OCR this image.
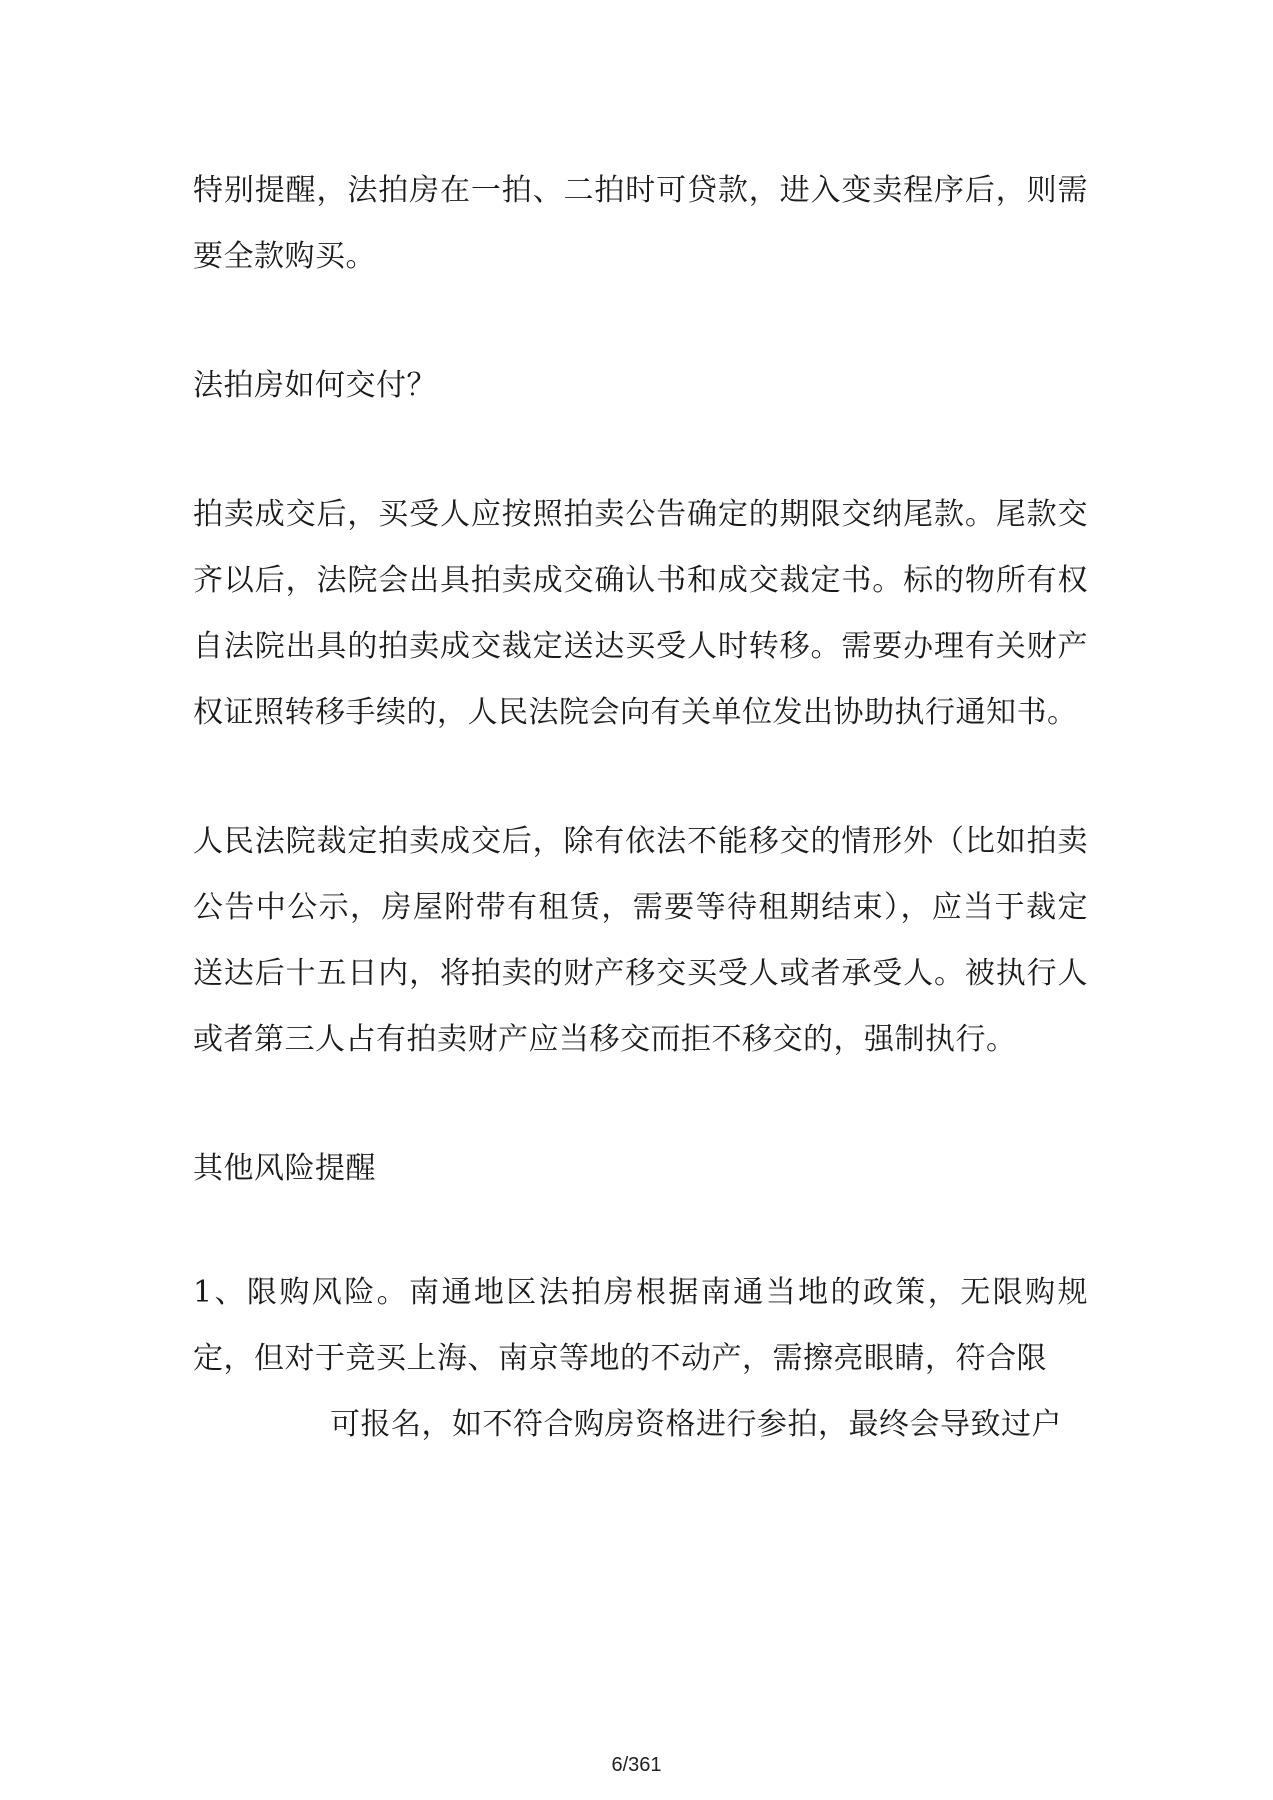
特别提醒，法拍房在一拍、二拍时可贷款，进入变卖程序后，则需要全款购买。

法拍房如何交付？

拍卖成交后，买受人应按照拍卖公告确定的期限交纳尾款。尾款交齐以后，法院会出具拍卖成交确认书和成交裁定书。标的物所有权自法院出具的拍卖成交裁定送达买受人时转移。需要办理有关财产权证照转移手续的，人民法院会向有关单位发出协助执行通知书。

人民法院裁定拍卖成交后，除有依法不能移交的情形外（比如拍卖公告中公示，房屋附带有租赁，需要等待租期结束），应当于裁定送达后十五日内，将拍卖的财产移交买受人或者承受人。被执行人或者第三人占有拍卖财产应当移交而拒不移交的，强制执行。

其他风险提醒

1、限购风险。南通地区法拍房根据南通当地的政策，无限购规定，但对于竞买上海、南京等地的不动产，需擦亮眼睛，符合限
可报名，如不符合购房资格进行参拍，最终会导致过户

6/361
